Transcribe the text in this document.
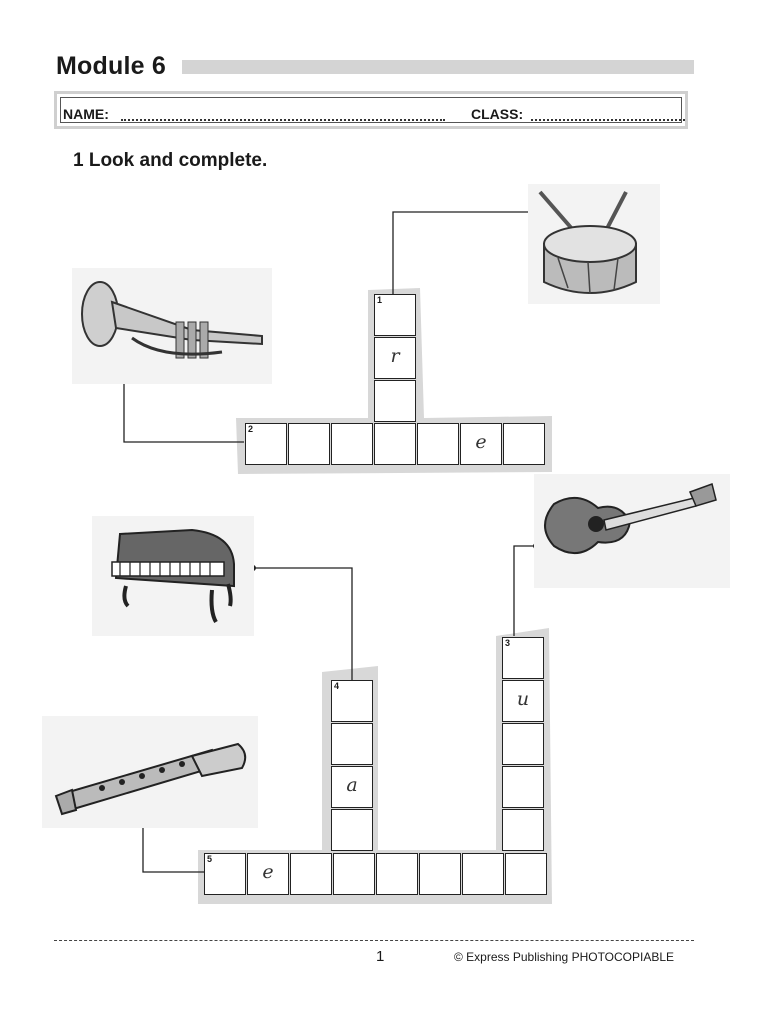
Module 6
NAME:	CLASS:
1 Look and complete.
1
r
2
e
3
u
4
a
5
e
1	© Express Publishing PHOTOCOPIABLE
